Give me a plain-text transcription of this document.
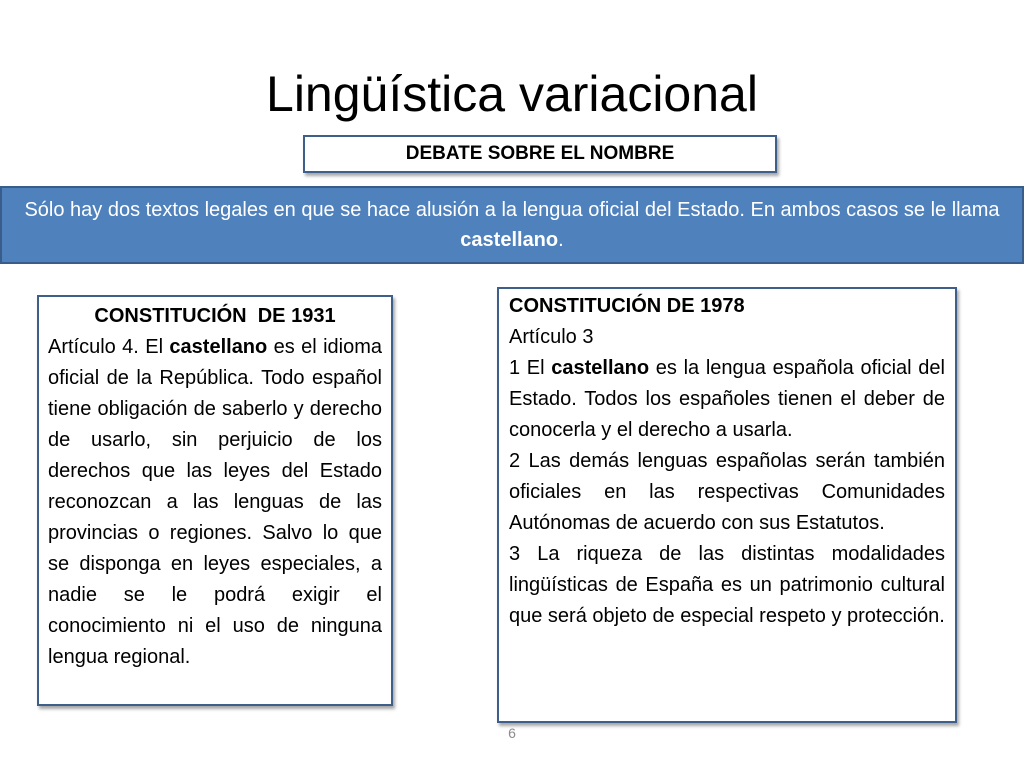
Lingüística variacional
DEBATE SOBRE EL NOMBRE
Sólo hay dos textos legales en que se hace alusión a la lengua oficial del Estado. En ambos casos se le llama castellano.
CONSTITUCIÓN  DE 1931
Artículo 4. El castellano es el idioma oficial de la República. Todo español tiene obligación de saberlo y derecho de usarlo, sin perjuicio de los derechos que las leyes del Estado reconozcan a las lenguas de las provincias o regiones. Salvo lo que se disponga en leyes especiales, a nadie se le podrá exigir el conocimiento ni el uso de ninguna lengua regional.
CONSTITUCIÓN DE 1978
Artículo 3
1 El castellano es la lengua española oficial del Estado. Todos los españoles tienen el deber de conocerla y el derecho a usarla.
2 Las demás lenguas españolas serán también oficiales en las respectivas Comunidades Autónomas de acuerdo con sus Estatutos.
3 La riqueza de las distintas modalidades lingüísticas de España es un patrimonio cultural que será objeto de especial respeto y protección.
6
